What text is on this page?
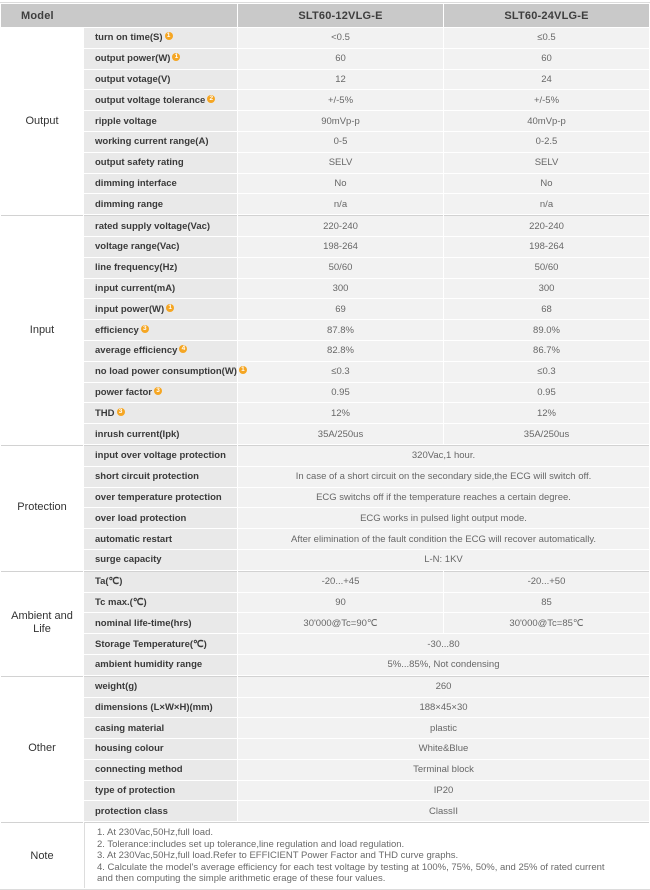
Model		SLT60-12VLG-E	SLT60-24VLG-E
Output	turn on time(S) 1	<0.5	≤0.5
	output power(W) 1	60	60
	output votage(V)	12	24
	output voltage tolerance 2	+/-5%	+/-5%
	ripple voltage	90mVp-p	40mVp-p
	working current range(A)	0-5	0-2.5
	output safety rating	SELV	SELV
	dimming interface	No	No
	dimming range	n/a	n/a
Input	rated supply voltage(Vac)	220-240	220-240
	voltage range(Vac)	198-264	198-264
	line frequency(Hz)	50/60	50/60
	input current(mA)	300	300
	input power(W) 1	69	68
	efficiency 3	87.8%	89.0%
	average efficiency 4	82.8%	86.7%
	no load power consumption(W) 1	≤0.3	≤0.3
	power factor 3	0.95	0.95
	THD 3	12%	12%
	inrush current(Ipk)	35A/250us	35A/250us
Protection	input over voltage protection	320Vac,1 hour.	
	short circuit protection	In case of a short circuit on the secondary side,the ECG will switch off.	
	over temperature protection	ECG switchs off if the temperature reaches a certain degree.	
	over load protection	ECG works in pulsed light output mode.	
	automatic restart	After elimination of the fault condition the ECG will recover automatically.	
	surge capacity	L-N: 1KV	
Ambient and Life	Ta(℃)	-20...+45	-20...+50
	Tc max.(℃)	90	85
	nominal life-time(hrs)	30'000@Tc=90℃	30'000@Tc=85℃
	Storage Temperature(℃)	-30...80	
	ambient humidity range	5%...85%, Not condensing	
Other	weight(g)	260	
	dimensions (L×W×H)(mm)	188×45×30	
	casing material	plastic	
	housing colour	White&Blue	
	connecting method	Terminal block	
	type of protection	IP20	
	protection class	ClassII	
Note	1. At 230Vac,50Hz,full load.
2. Tolerance:includes set up tolerance,line regulation and load regulation.
3. At 230Vac,50Hz,full load.Refer to EFFICIENT Power Factor and THD curve graphs.
4. Calculate the model's average efficiency for each test voltage by testing at 100%, 75%, 50%, and 25% of rated current and then computing the simple arithmetic erage of these four values.		
